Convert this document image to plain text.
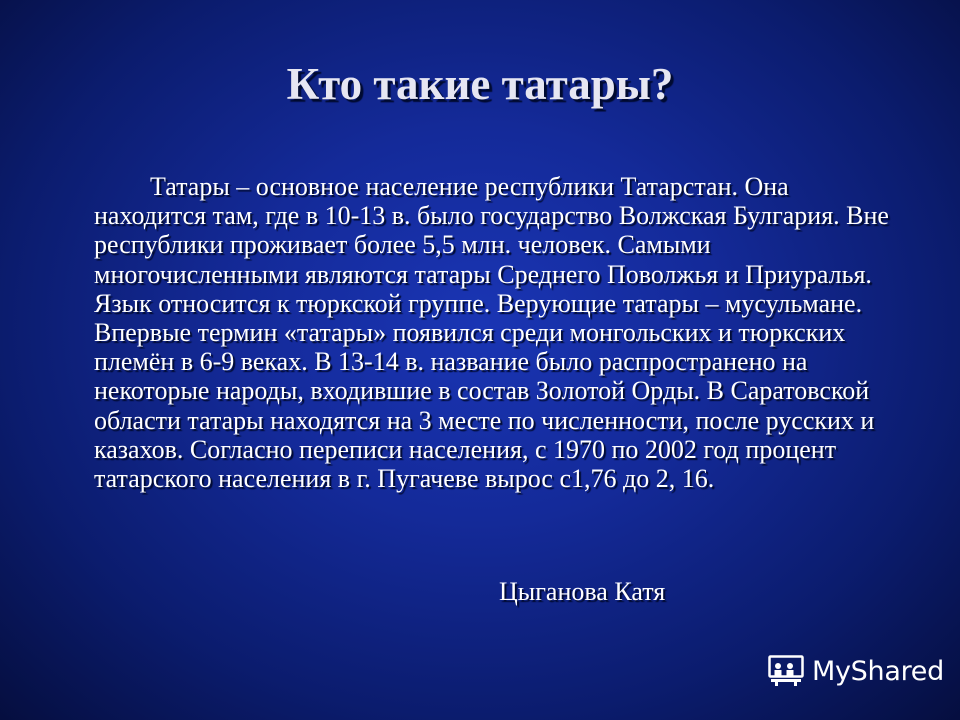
Кто такие татары?

Татары – основное население республики Татарстан. Она находится там, где в 10-13 в. было государство Волжская Булгария. Вне республики проживает более 5,5 млн. человек. Самыми многочисленными являются татары Среднего Поволжья и Приуралья. Язык относится к тюркской группе. Верующие татары – мусульмане. Впервые термин «татары» появился среди монгольских и тюркских племён в 6-9 веках. В 13-14 в. название было распространено на некоторые народы, входившие в состав Золотой Орды. В Саратовской области татары находятся на 3 месте по численности, после русских и казахов. Согласно переписи населения, с 1970 по 2002 год процент татарского населения в г. Пугачеве вырос с1,76 до 2, 16.

Цыганова Катя

MyShared
